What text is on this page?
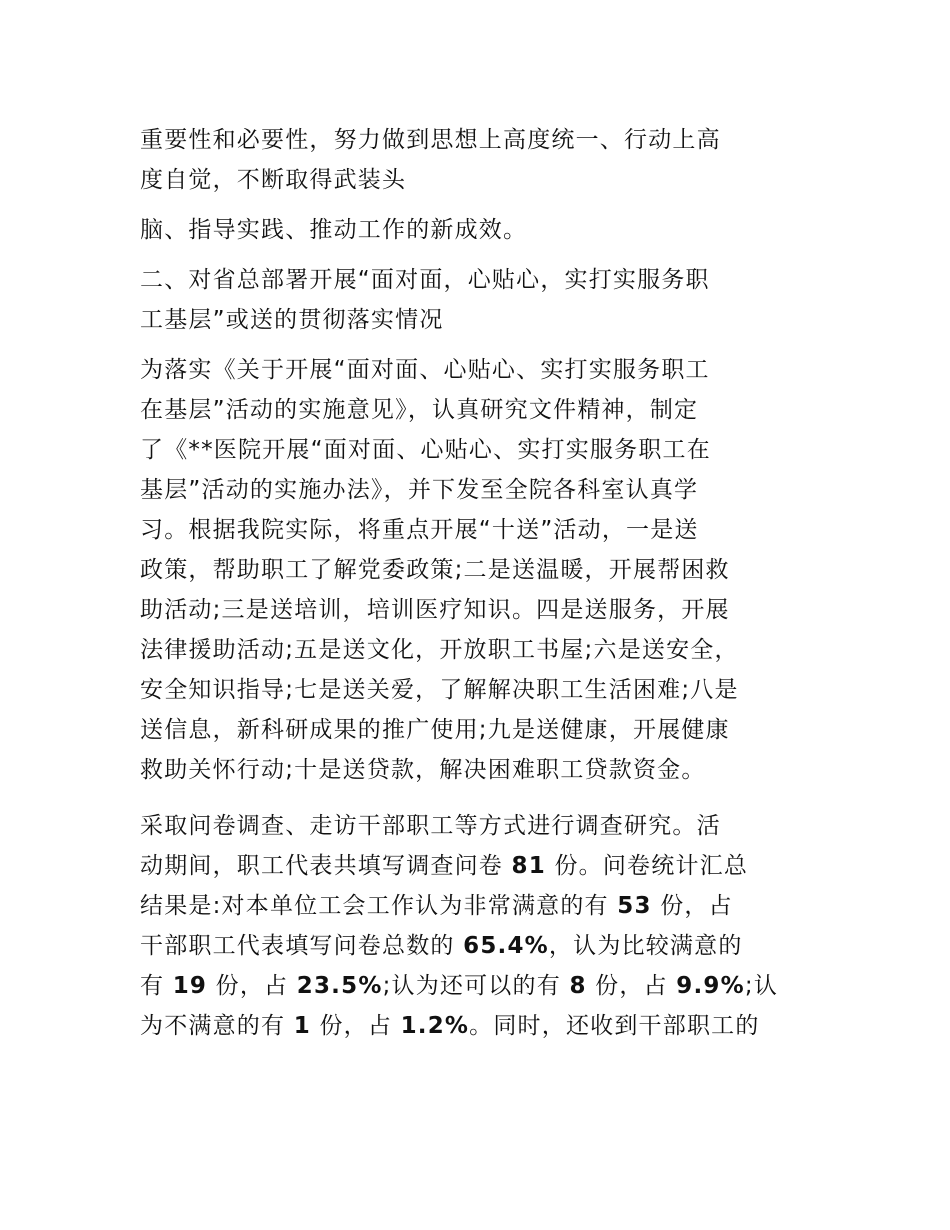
重要性和必要性，努力做到思想上高度统一、行动上高
度自觉，不断取得武装头

脑、指导实践、推动工作的新成效。

二、对省总部署开展“面对面，心贴心，实打实服务职
工基层”或送的贯彻落实情况

为落实《关于开展“面对面、心贴心、实打实服务职工
在基层”活动的实施意见》，认真研究文件精神，制定
了《**医院开展“面对面、心贴心、实打实服务职工在
基层”活动的实施办法》，并下发至全院各科室认真学
习。根据我院实际，将重点开展“十送”活动，一是送
政策，帮助职工了解党委政策;二是送温暖，开展帮困救
助活动;三是送培训，培训医疗知识。四是送服务，开展
法律援助活动;五是送文化，开放职工书屋;六是送安全，
安全知识指导;七是送关爱，了解解决职工生活困难;八是
送信息，新科研成果的推广使用;九是送健康，开展健康
救助关怀行动;十是送贷款，解决困难职工贷款资金。

采取问卷调查、走访干部职工等方式进行调查研究。活
动期间，职工代表共填写调查问卷 81 份。问卷统计汇总
结果是:对本单位工会工作认为非常满意的有 53 份，占
干部职工代表填写问卷总数的 65.4%，认为比较满意的
有 19 份，占 23.5%;认为还可以的有 8 份，占 9.9%;认
为不满意的有 1 份，占 1.2%。同时，还收到干部职工的
